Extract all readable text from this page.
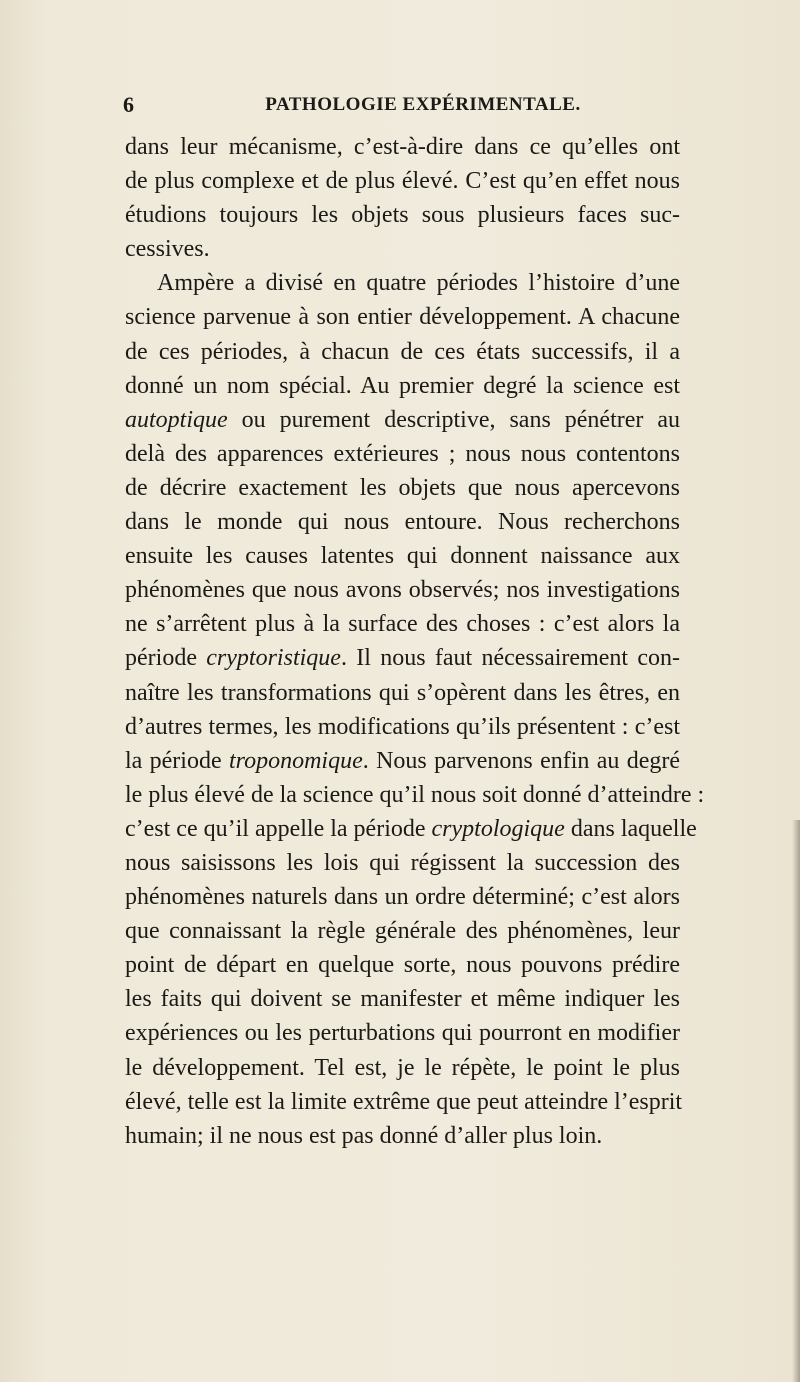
6	PATHOLOGIE EXPÉRIMENTALE.
dans leur mécanisme, c’est-à-dire dans ce qu’elles ont
de plus complexe et de plus élevé. C’est qu’en effet nous
étudions toujours les objets sous plusieurs faces suc-
cessives.
Ampère a divisé en quatre périodes l’histoire d’une
science parvenue à son entier développement. A chacune
de ces périodes, à chacun de ces états successifs, il a
donné un nom spécial. Au premier degré la science est
autoptique ou purement descriptive, sans pénétrer au
delà des apparences extérieures ; nous nous contentons
de décrire exactement les objets que nous apercevons
dans le monde qui nous entoure. Nous recherchons
ensuite les causes latentes qui donnent naissance aux
phénomènes que nous avons observés; nos investigations
ne s’arrêtent plus à la surface des choses : c’est alors la
période cryptoristique. Il nous faut nécessairement con-
naître les transformations qui s’opèrent dans les êtres, en
d’autres termes, les modifications qu’ils présentent : c’est
la période troponomique. Nous parvenons enfin au degré
le plus élevé de la science qu’il nous soit donné d’atteindre :
c’est ce qu’il appelle la période cryptologique dans laquelle
nous saisissons les lois qui régissent la succession des
phénomènes naturels dans un ordre déterminé; c’est alors
que connaissant la règle générale des phénomènes, leur
point de départ en quelque sorte, nous pouvons prédire
les faits qui doivent se manifester et même indiquer les
expériences ou les perturbations qui pourront en modifier
le développement. Tel est, je le répète, le point le plus
élevé, telle est la limite extrême que peut atteindre l’esprit
humain; il ne nous est pas donné d’aller plus loin.
